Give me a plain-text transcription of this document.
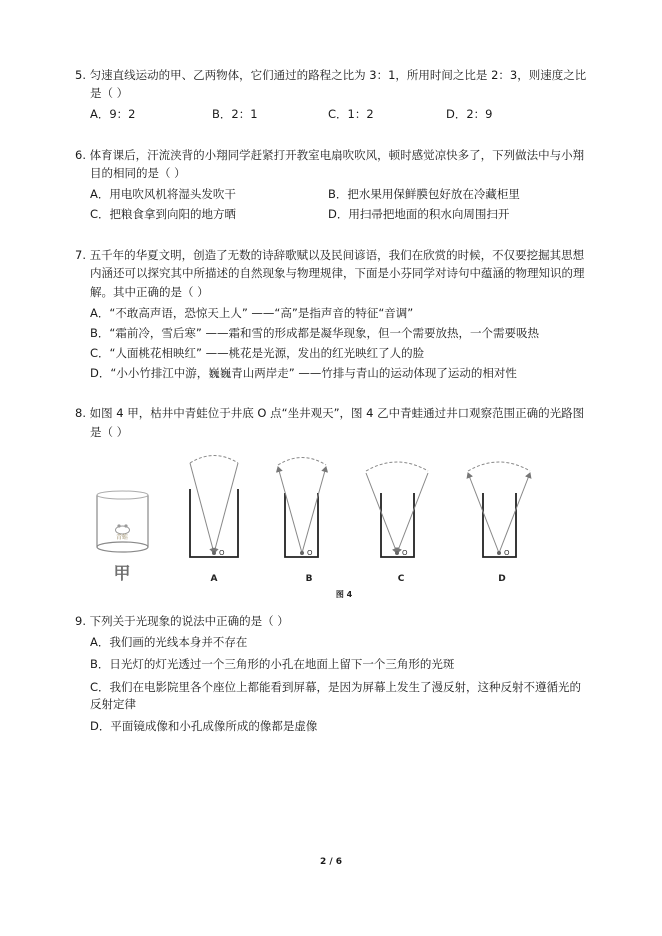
5. 匀速直线运动的甲、乙两物体，它们通过的路程之比为 3：1，所用时间之比是 2：3，则速度之比
是（ ）
A．9：2	B．2：1	C．1：2	D．2：9
6. 体育课后，汗流浃背的小翔同学赶紧打开教室电扇吹吹风，顿时感觉凉快多了，下列做法中与小翔
目的相同的是（ ）
A．用电吹风机将湿头发吹干	B．把水果用保鲜膜包好放在冷藏柜里
C．把粮食拿到向阳的地方晒	D．用扫帚把地面的积水向周围扫开
7. 五千年的华夏文明，创造了无数的诗辞歌赋以及民间谚语，我们在欣赏的时候，不仅要挖掘其思想
内涵还可以探究其中所描述的自然现象与物理规律，下面是小芬同学对诗句中蕴涵的物理知识的理
解。其中正确的是（ ）
A．“不敢高声语，恐惊天上人” ——“高”是指声音的特征“音调”
B．“霜前冷，雪后寒” ——霜和雪的形成都是凝华现象，但一个需要放热，一个需要吸热
C．“人面桃花相映红” ——桃花是光源，发出的红光映红了人的脸
D．“小小竹排江中游，巍巍青山两岸走” ——竹排与青山的运动体现了运动的相对性
8. 如图 4 甲，枯井中青蛙位于井底 O 点“坐井观天”，图 4 乙中青蛙通过井口观察范围正确的光路图
是（ ）
青蛙
甲
O
A
O
B
O
C
O
D
图 4
9. 下列关于光现象的说法中正确的是（ ）
A．我们画的光线本身并不存在
B．日光灯的灯光透过一个三角形的小孔在地面上留下一个三角形的光斑
C．我们在电影院里各个座位上都能看到屏幕，是因为屏幕上发生了漫反射，这种反射不遵循光的
反射定律
D．平面镜成像和小孔成像所成的像都是虚像
2 / 6
